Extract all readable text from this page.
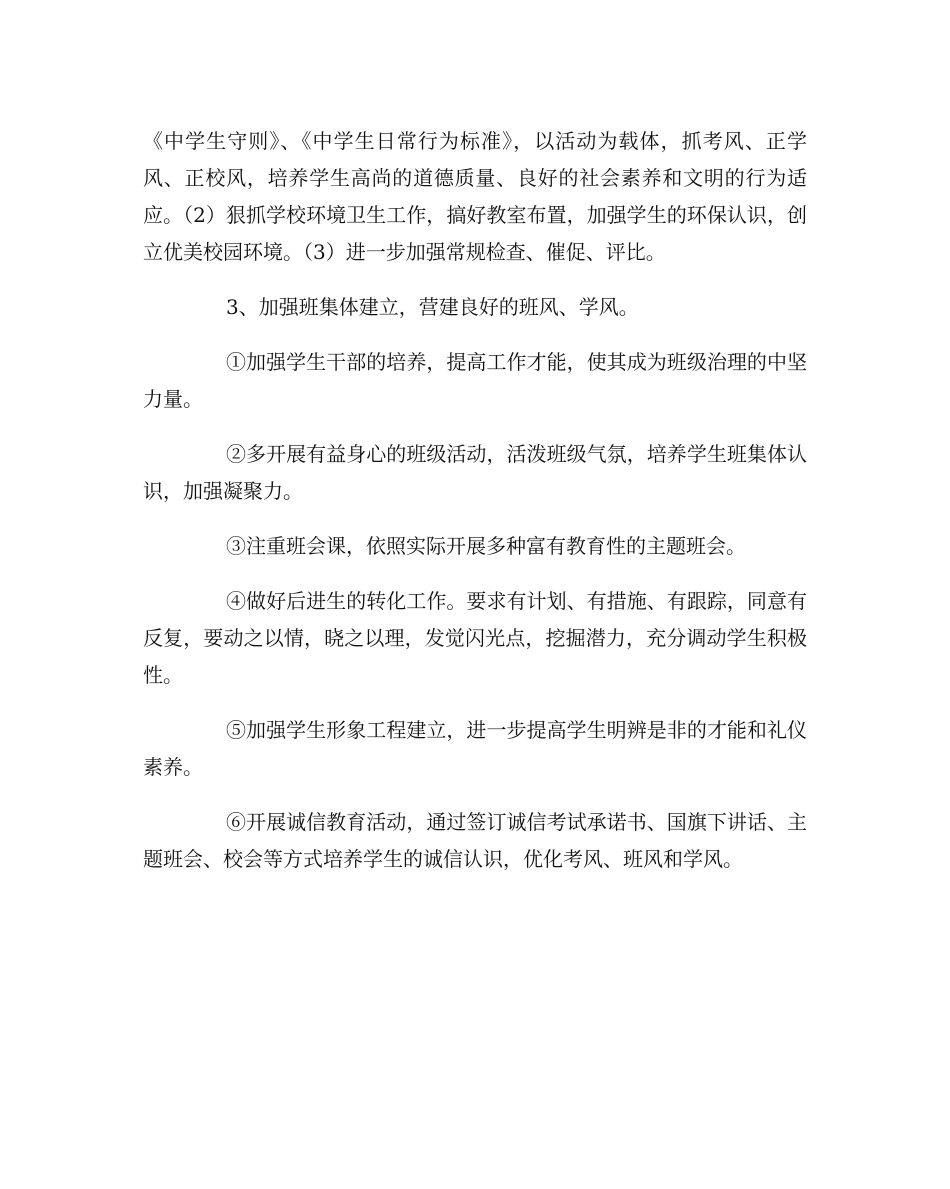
《中学生守则》、《中学生日常行为标准》，以活动为载体，抓考风、正学风、正校风，培养学生高尚的道德质量、良好的社会素养和文明的行为适应。（2）狠抓学校环境卫生工作，搞好教室布置，加强学生的环保认识，创立优美校园环境。（3）进一步加强常规检查、催促、评比。

3、加强班集体建立，营建良好的班风、学风。

①加强学生干部的培养，提高工作才能，使其成为班级治理的中坚力量。

②多开展有益身心的班级活动，活泼班级气氛，培养学生班集体认识，加强凝聚力。

③注重班会课，依照实际开展多种富有教育性的主题班会。

④做好后进生的转化工作。要求有计划、有措施、有跟踪，同意有反复，要动之以情，晓之以理，发觉闪光点，挖掘潜力，充分调动学生积极性。

⑤加强学生形象工程建立，进一步提高学生明辨是非的才能和礼仪素养。

⑥开展诚信教育活动，通过签订诚信考试承诺书、国旗下讲话、主题班会、校会等方式培养学生的诚信认识，优化考风、班风和学风。
